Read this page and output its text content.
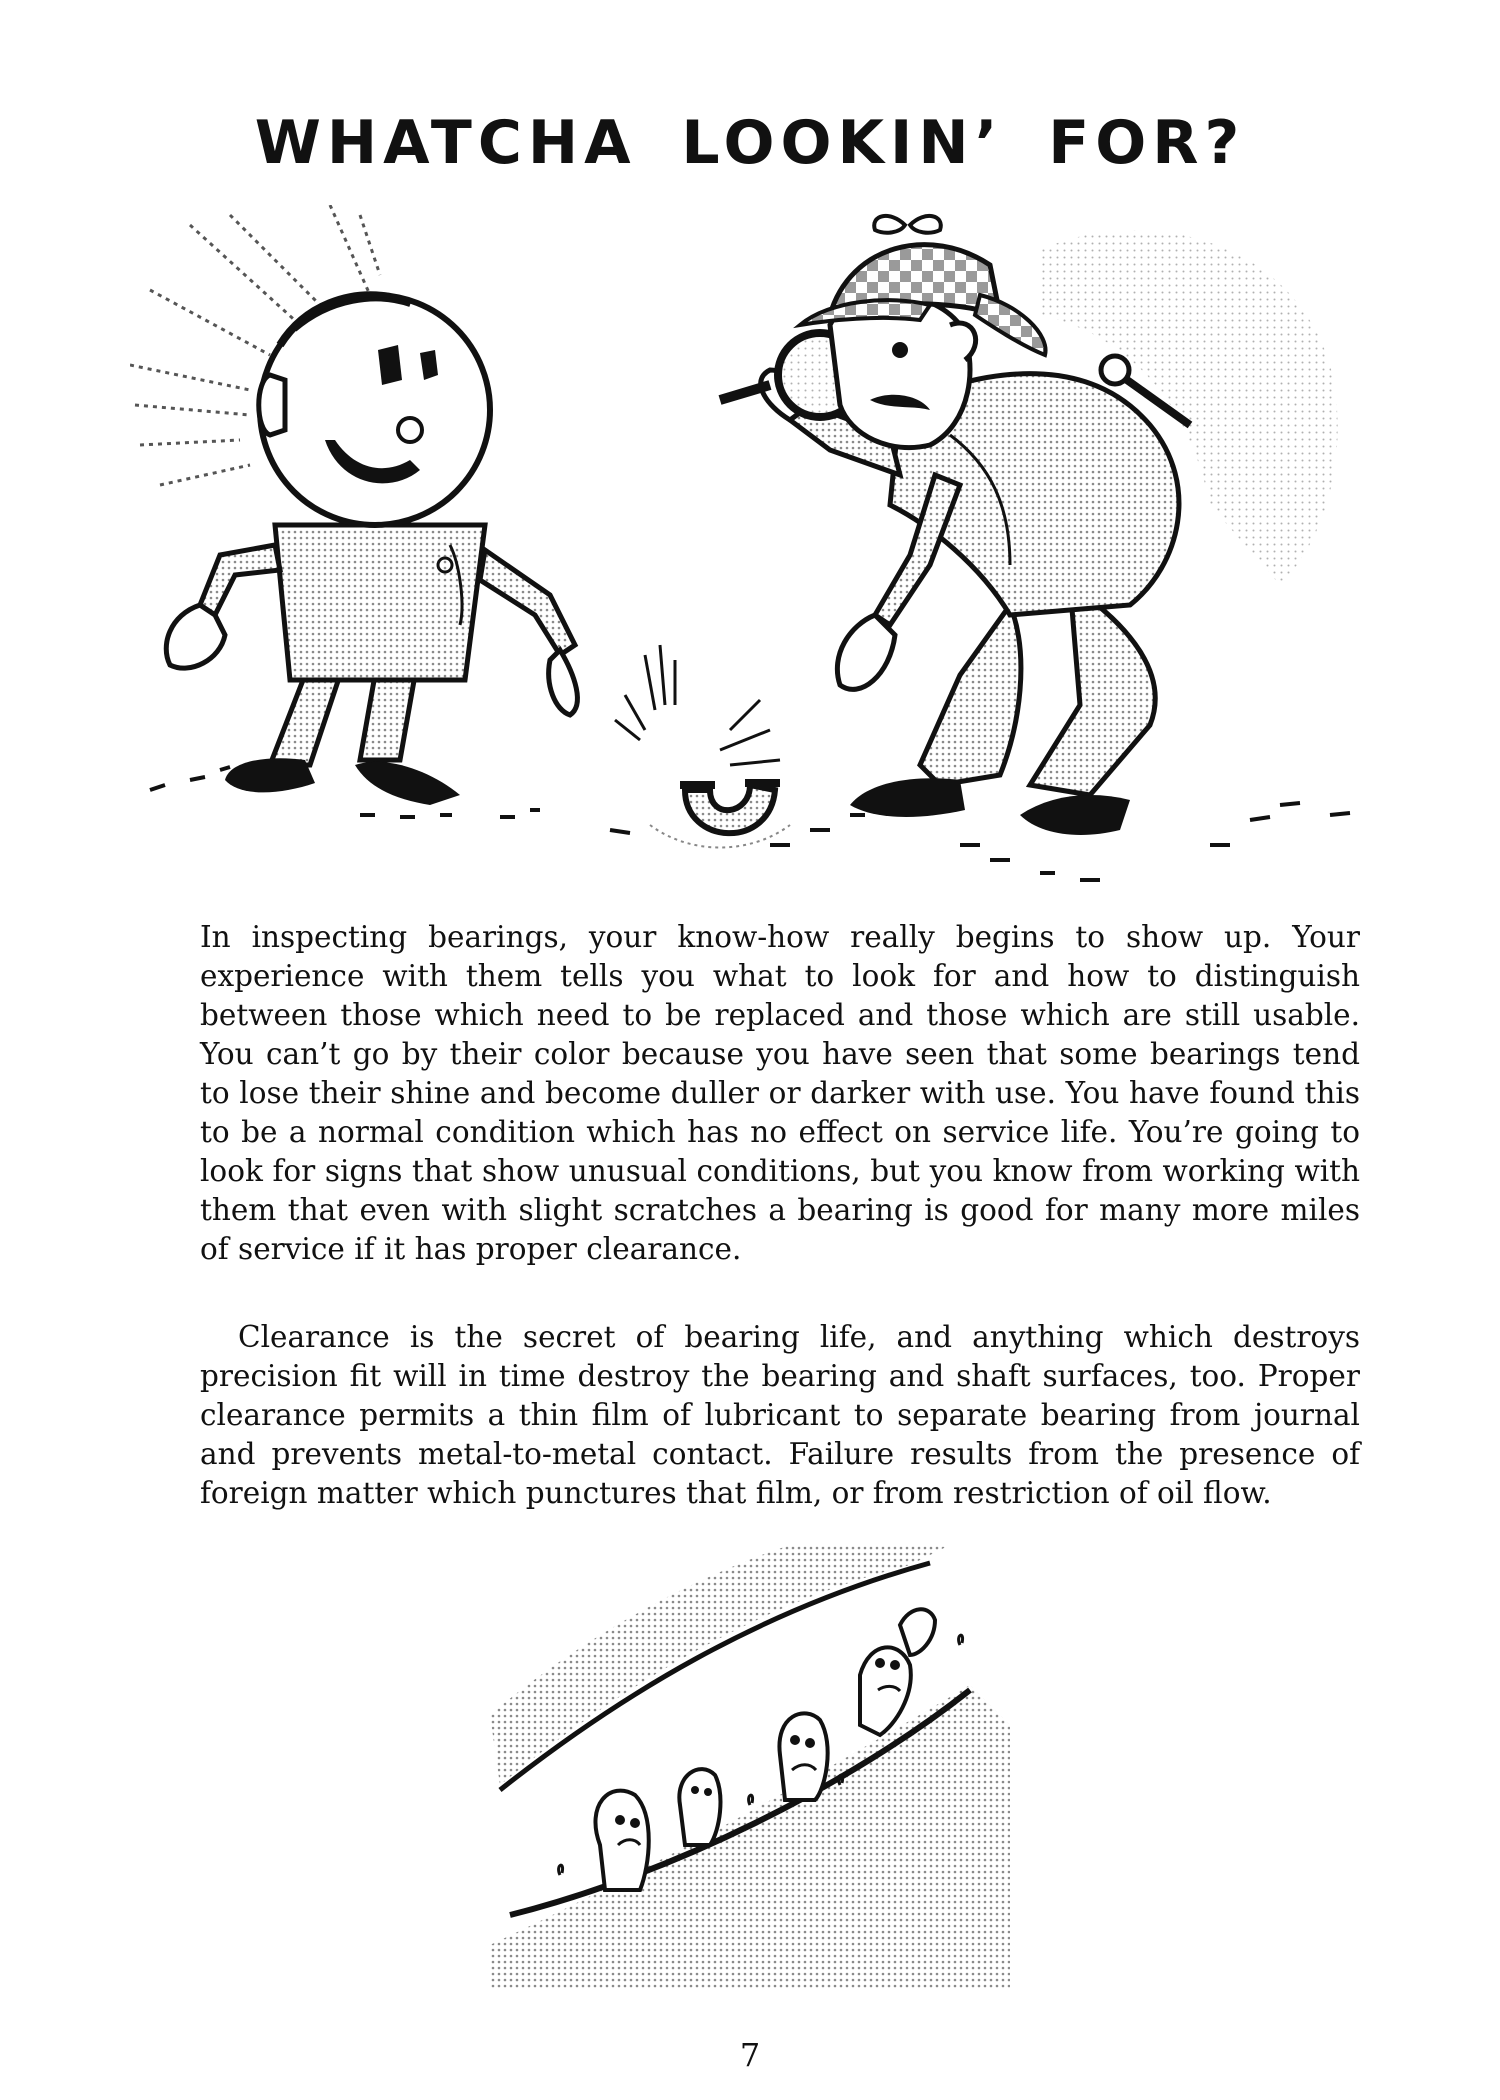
WHATCHA LOOKIN’ FOR?

In inspecting bearings, your know-how really begins to show up. Your experience with them tells you what to look for and how to distinguish between those which need to be replaced and those which are still usable. You can’t go by their color because you have seen that some bearings tend to lose their shine and become duller or darker with use. You have found this to be a normal condition which has no effect on service life. You’re going to look for signs that show unusual conditions, but you know from working with them that even with slight scratches a bearing is good for many more miles of service if it has proper clearance.

Clearance is the secret of bearing life, and anything which destroys precision fit will in time destroy the bearing and shaft surfaces, too. Proper clearance permits a thin film of lubricant to separate bearing from journal and prevents metal-to-metal contact. Failure results from the presence of foreign matter which punctures that film, or from restriction of oil flow.

7
